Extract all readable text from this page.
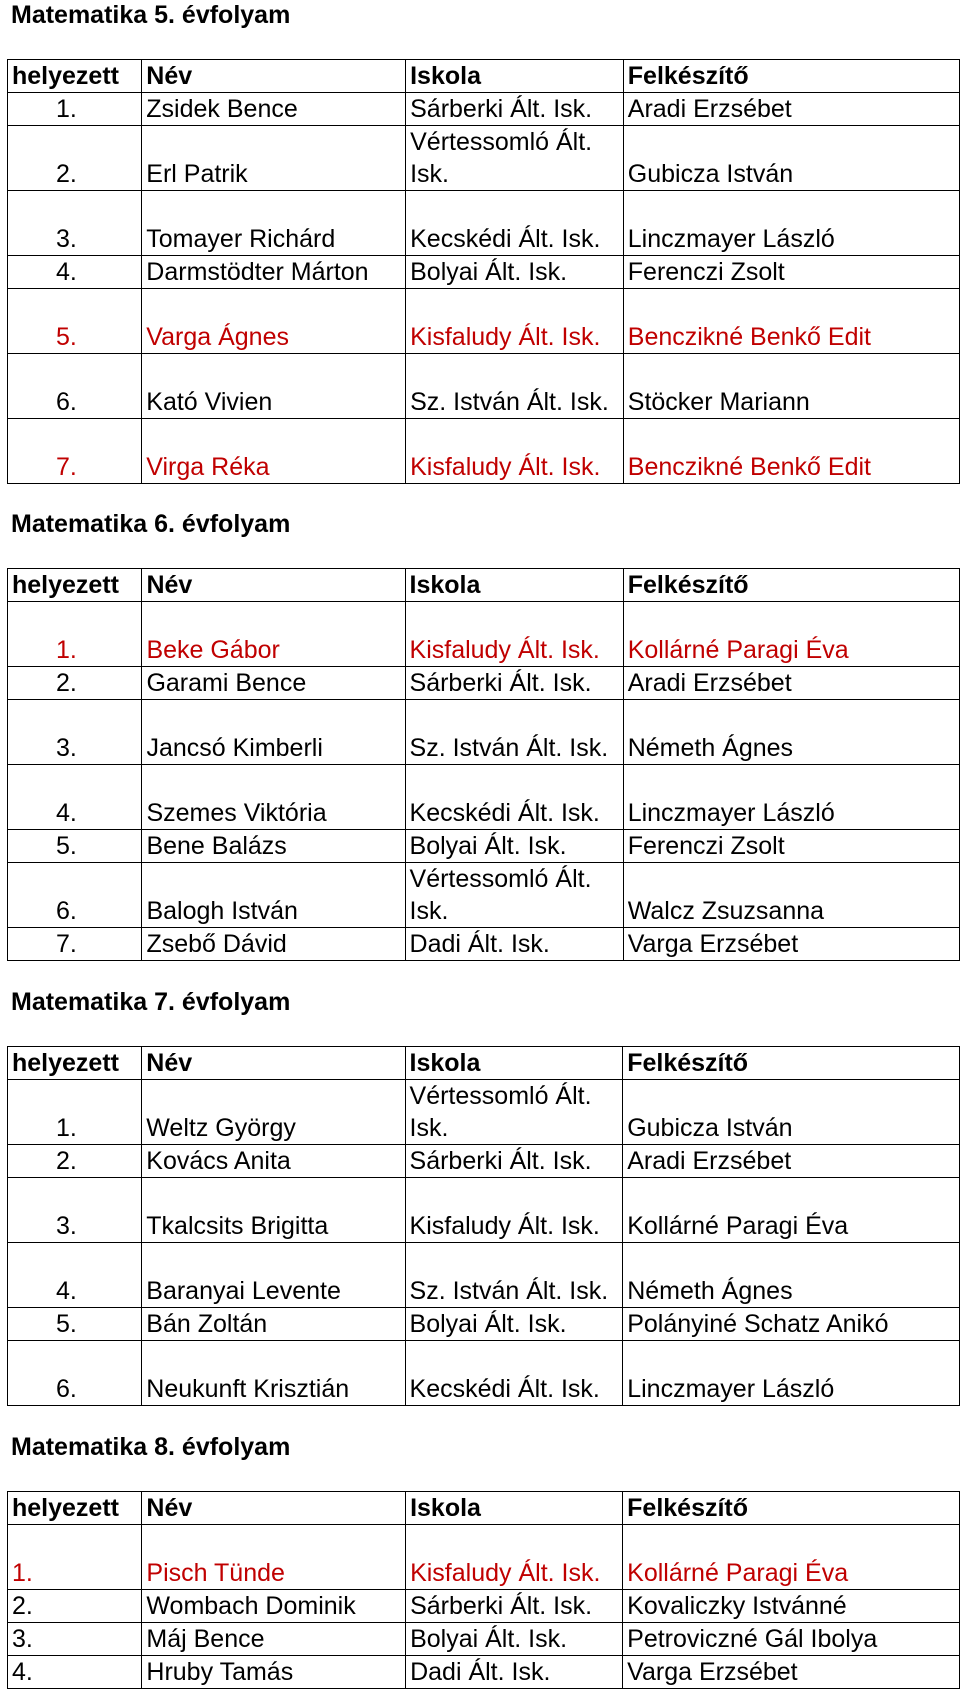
Matematika 5. évfolyam
helyezett	Név	Iskola	Felkészítő
1.	Zsidek Bence	Sárberki Ált. Isk.	Aradi Erzsébet
2.	Erl Patrik	Vértessomló Ált. Isk.	Gubicza István
3.	Tomayer Richárd	Kecskédi Ált. Isk.	Linczmayer László
4.	Darmstödter Márton	Bolyai Ált. Isk.	Ferenczi Zsolt
5.	Varga Ágnes	Kisfaludy Ált. Isk.	Benczikné Benkő Edit
6.	Kató Vivien	Sz. István Ált. Isk.	Stöcker Mariann
7.	Virga Réka	Kisfaludy Ált. Isk.	Benczikné Benkő Edit
Matematika 6. évfolyam
helyezett	Név	Iskola	Felkészítő
1.	Beke Gábor	Kisfaludy Ált. Isk.	Kollárné Paragi Éva
2.	Garami Bence	Sárberki Ált. Isk.	Aradi Erzsébet
3.	Jancsó Kimberli	Sz. István Ált. Isk.	Németh Ágnes
4.	Szemes Viktória	Kecskédi Ált. Isk.	Linczmayer László
5.	Bene Balázs	Bolyai Ált. Isk.	Ferenczi Zsolt
6.	Balogh István	Vértessomló Ált. Isk.	Walcz Zsuzsanna
7.	Zsebő Dávid	Dadi Ált. Isk.	Varga Erzsébet
Matematika 7. évfolyam
helyezett	Név	Iskola	Felkészítő
1.	Weltz György	Vértessomló Ált. Isk.	Gubicza István
2.	Kovács Anita	Sárberki Ált. Isk.	Aradi Erzsébet
3.	Tkalcsits Brigitta	Kisfaludy Ált. Isk.	Kollárné Paragi Éva
4.	Baranyai Levente	Sz. István Ált. Isk.	Németh Ágnes
5.	Bán Zoltán	Bolyai Ált. Isk.	Polányiné Schatz Anikó
6.	Neukunft Krisztián	Kecskédi Ált. Isk.	Linczmayer László
Matematika 8. évfolyam
helyezett	Név	Iskola	Felkészítő
1.	Pisch Tünde	Kisfaludy Ált. Isk.	Kollárné Paragi Éva
2.	Wombach Dominik	Sárberki Ált. Isk.	Kovaliczky Istvánné
3.	Máj Bence	Bolyai Ált. Isk.	Petroviczné Gál Ibolya
4.	Hruby Tamás	Dadi Ált. Isk.	Varga Erzsébet
